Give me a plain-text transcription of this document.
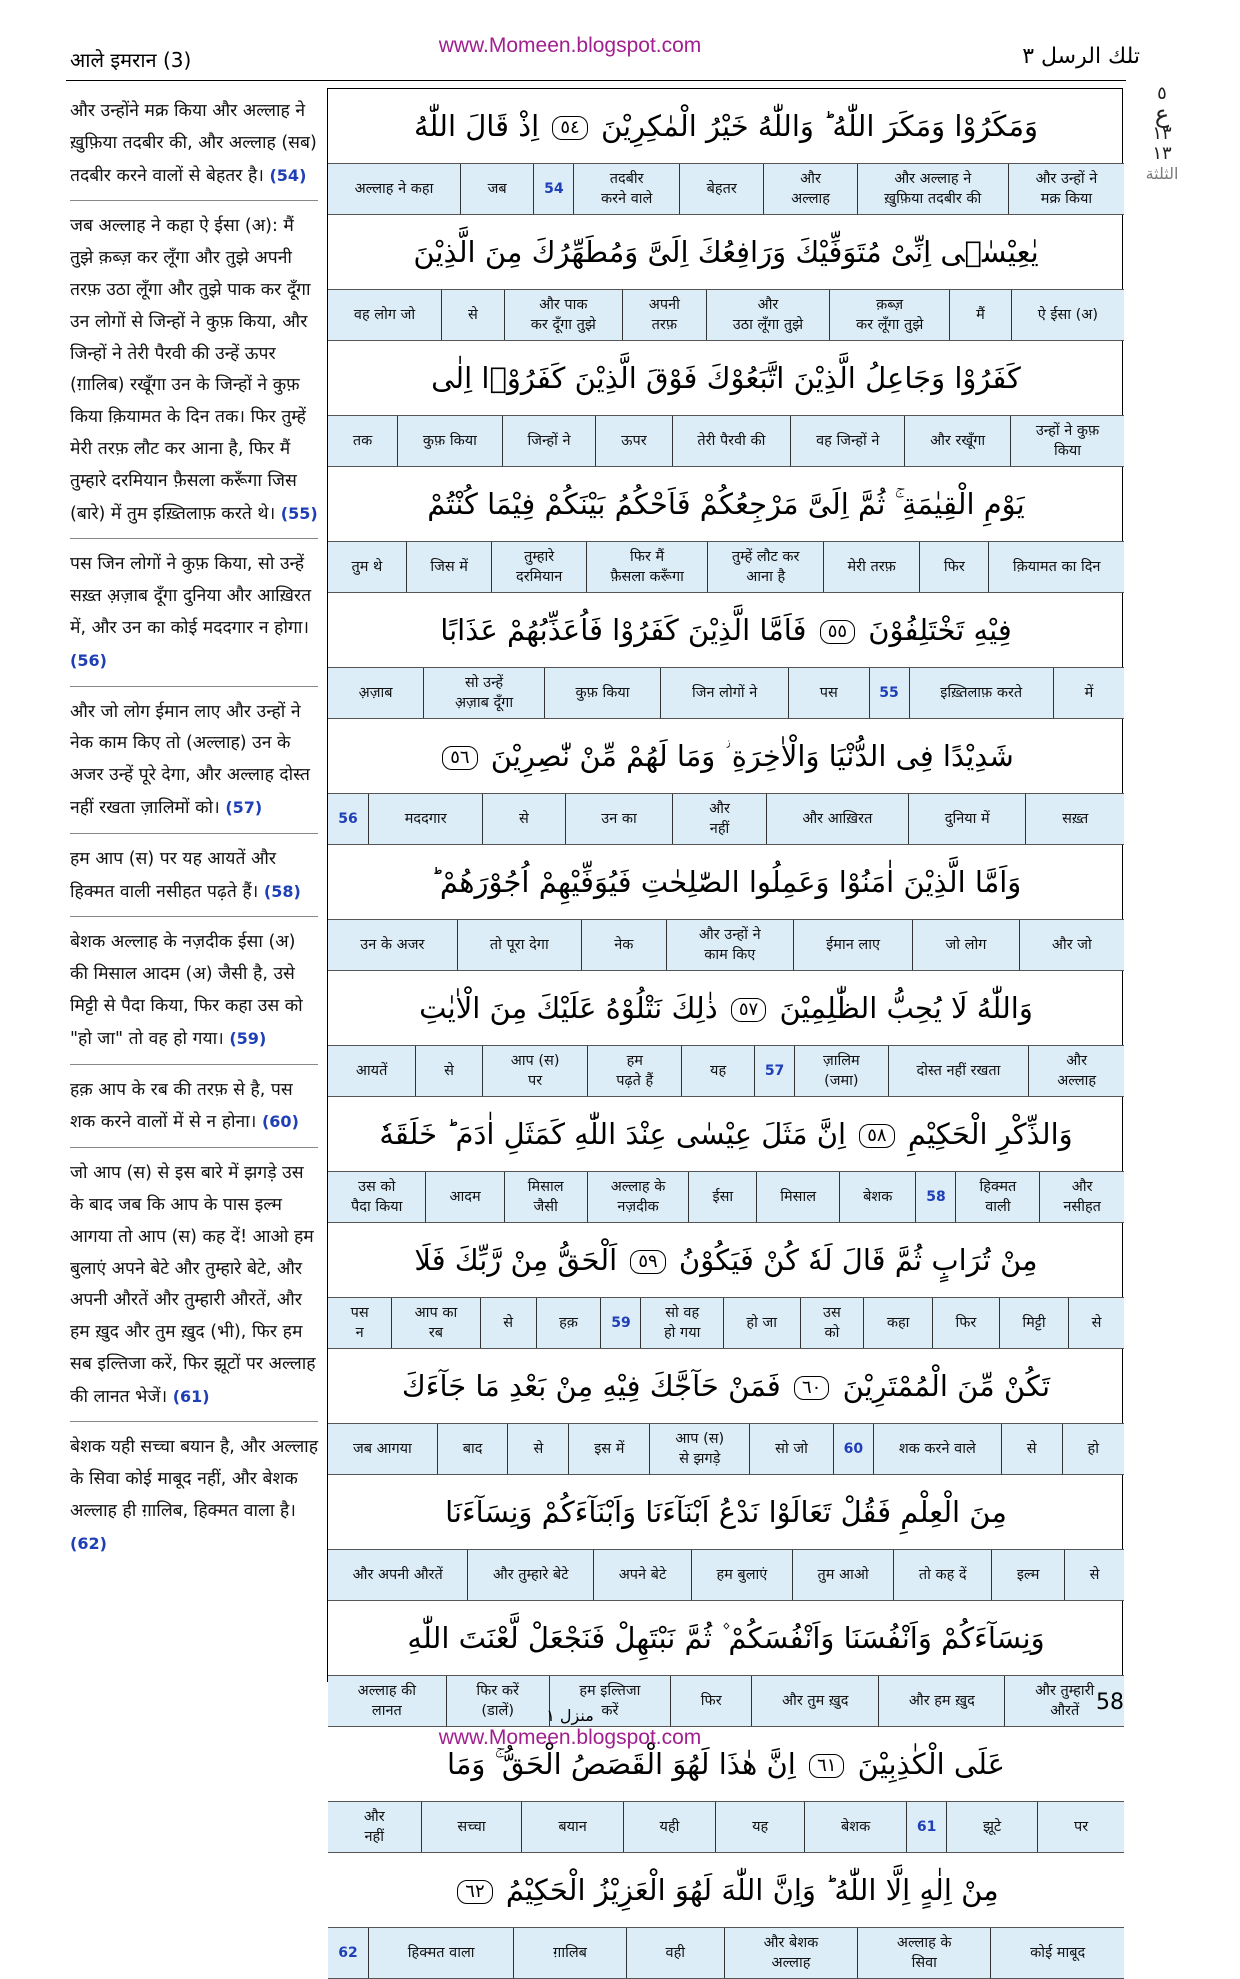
आले इमरान (3)
www.Momeen.blogspot.com	تلك الرسل ٣
٥
ع
١٣
١٣
الثلثة
और उन्होंने मक्र किया और अल्लाह ने ख़ुफ़िया तदबीर की, और अल्लाह (सब) तदबीर करने वालों से बेहतर है। (54)
जब अल्लाह ने कहा ऐ ईसा (अ): मैं तुझे क़ब्ज़ कर लूँगा और तुझे अपनी तरफ़ उठा लूँगा और तुझे पाक कर दूँगा उन लोगों से जिन्हों ने कुफ़ किया, और जिन्हों ने तेरी पैरवी की उन्हें ऊपर (ग़ालिब) रखूँगा उन के जिन्हों ने कुफ़ किया क़ियामत के दिन तक। फिर तुम्हें मेरी तरफ़ लौट कर आना है, फिर मैं तुम्हारे दरमियान फ़ैसला करूँगा जिस (बारे) में तुम इख़्तिलाफ़ करते थे। (55)
पस जिन लोगों ने कुफ़ किया, सो उन्हें सख़्त अ़ज़ाब दूँगा दुनिया और आख़िरत में, और उन का कोई मददगार न होगा। (56)
और जो लोग ईमान लाए और उन्हों ने नेक काम किए तो (अल्लाह) उन के अजर उन्हें पूरे देगा, और अल्लाह दोस्त नहीं रखता ज़ालिमों को। (57)
हम आप (स) पर यह आयतें और हिक्मत वाली नसीहत पढ़ते हैं। (58)
बेशक अल्लाह के नज़दीक ईसा (अ) की मिसाल आदम (अ) जैसी है, उसे मिट्टी से पैदा किया, फिर कहा उस को "हो जा" तो वह हो गया। (59)
हक़ आप के रब की तरफ़ से है, पस शक करने वालों में से न होना। (60)
जो आप (स) से इस बारे में झगड़े उस के बाद जब कि आप के पास इल्म आगया तो आप (स) कह दें! आओ हम बुलाएं अपने बेटे और तुम्हारे बेटे, और अपनी औरतें और तुम्हारी औरतें, और हम ख़ुद और तुम ख़ुद (भी), फिर हम सब इल्तिजा करें, फिर झूटों पर अल्लाह की लानत भेजें। (61)
बेशक यही सच्चा बयान है, और अल्लाह के सिवा कोई माबूद नहीं, और बेशक अल्लाह ही ग़ालिब, हिक्मत वाला है। (62)
وَمَكَرُوْا وَمَكَرَ اللّٰهُ ؕ وَاللّٰهُ خَيْرُ الْمٰكِرِيْنَ ٥٤ اِذْ قَالَ اللّٰهُ
और उन्हों ने
मक्र किया
और अल्लाह ने
ख़ुफ़िया तदबीर की
और
अल्लाह
बेहतर
तदबीर
करने वाले
54
जब
अल्लाह ने कहा
يٰعِيْسٰۤى اِنِّىْ مُتَوَفِّيْكَ وَرَافِعُكَ اِلَىَّ وَمُطَهِّرُكَ مِنَ الَّذِيْنَ
ऐ ईसा (अ)
मैं
क़ब्ज़
कर लूँगा तुझे
और
उठा लूँगा तुझे
अपनी
तरफ़
और पाक
कर दूँगा तुझे
से
वह लोग जो
كَفَرُوْا وَجَاعِلُ الَّذِيْنَ اتَّبَعُوْكَ فَوْقَ الَّذِيْنَ كَفَرُوْۤا اِلٰى
उन्हों ने कुफ़
किया
और रखूँगा
वह जिन्हों ने
तेरी पैरवी की
ऊपर
जिन्हों ने
कुफ़ किया
तक
يَوْمِ الْقِيٰمَةِ ۚ ثُمَّ اِلَىَّ مَرْجِعُكُمْ فَاَحْكُمُ بَيْنَكُمْ فِيْمَا كُنْتُمْ
क़ियामत का दिन
फिर
मेरी तरफ़
तुम्हें लौट कर
आना है
फिर मैं
फ़ैसला करूँगा
तुम्हारे
दरमियान
जिस में
तुम थे
فِيْهِ تَخْتَلِفُوْنَ ٥٥ فَاَمَّا الَّذِيْنَ كَفَرُوْا فَاُعَذِّبُهُمْ عَذَابًا
में
इख़्तिलाफ़ करते
55
पस
जिन लोगों ने
कुफ़ किया
सो उन्हें
अ़ज़ाब दूँगा
अ़ज़ाब
شَدِيْدًا فِى الدُّنْيَا وَالْاٰخِرَةِ ؗ وَمَا لَهُمْ مِّنْ نّٰصِرِيْنَ ٥٦
सख़्त
दुनिया में
और आख़िरत
और
नहीं
उन का
से
मददगार
56
وَاَمَّا الَّذِيْنَ اٰمَنُوْا وَعَمِلُوا الصّٰلِحٰتِ فَيُوَفِّيْهِمْ اُجُوْرَهُمْ ؕ
और जो
जो लोग
ईमान लाए
और उन्हों ने
काम किए
नेक
तो पूरा देगा
उन के अजर
وَاللّٰهُ لَا يُحِبُّ الظّٰلِمِيْنَ ٥٧ ذٰلِكَ نَتْلُوْهُ عَلَيْكَ مِنَ الْاٰيٰتِ
और
अल्लाह
दोस्त नहीं रखता
ज़ालिम
(जमा)
57
यह
हम
पढ़ते हैं
आप (स)
पर
से
आयतें
وَالذِّكْرِ الْحَكِيْمِ ٥٨ اِنَّ مَثَلَ عِيْسٰى عِنْدَ اللّٰهِ كَمَثَلِ اٰدَمَ ؕ خَلَقَهٗ
और
नसीहत
हिक्मत
वाली
58
बेशक
मिसाल
ईसा
अल्लाह के
नज़दीक
मिसाल
जैसी
आदम
उस को
पैदा किया
مِنْ تُرَابٍ ثُمَّ قَالَ لَهٗ كُنْ فَيَكُوْنُ ٥٩ اَلْحَقُّ مِنْ رَّبِّكَ فَلَا
से
मिट्टी
फिर
कहा
उस
को
हो जा
सो वह
हो गया
59
हक़
से
आप का
रब
पस
न
تَكُنْ مِّنَ الْمُمْتَرِيْنَ ٦٠ فَمَنْ حَآجَّكَ فِيْهِ مِنْ بَعْدِ مَا جَآءَكَ
हो
से
शक करने वाले
60
सो जो
आप (स)
से झगड़े
इस में
से
बाद
जब आगया
مِنَ الْعِلْمِ فَقُلْ تَعَالَوْا نَدْعُ اَبْنَآءَنَا وَاَبْنَآءَكُمْ وَنِسَآءَنَا
से
इल्म
तो कह दें
तुम आओ
हम बुलाएं
अपने बेटे
और तुम्हारे बेटे
और अपनी औरतें
وَنِسَآءَكُمْ وَاَنْفُسَنَا وَاَنْفُسَكُمْ ۫ ثُمَّ نَبْتَهِلْ فَنَجْعَلْ لَّعْنَتَ اللّٰهِ
और तुम्हारी
औरतें
और हम ख़ुद
और तुम ख़ुद
फिर
हम इल्तिजा
करें
फिर करें
(डालें)
अल्लाह की
लानत
عَلَى الْكٰذِبِيْنَ ٦١ اِنَّ هٰذَا لَهُوَ الْقَصَصُ الْحَقُّ ۚ وَمَا
पर
झूटे
61
बेशक
यह
यही
बयान
सच्चा
और
नहीं
مِنْ اِلٰهٍ اِلَّا اللّٰهُ ؕ وَاِنَّ اللّٰهَ لَهُوَ الْعَزِيْزُ الْحَكِيْمُ ٦٢
कोई माबूद
अल्लाह के
सिवा
और बेशक
अल्लाह
वही
ग़ालिब
हिक्मत वाला
62
منزل ١
58
www.Momeen.blogspot.com
